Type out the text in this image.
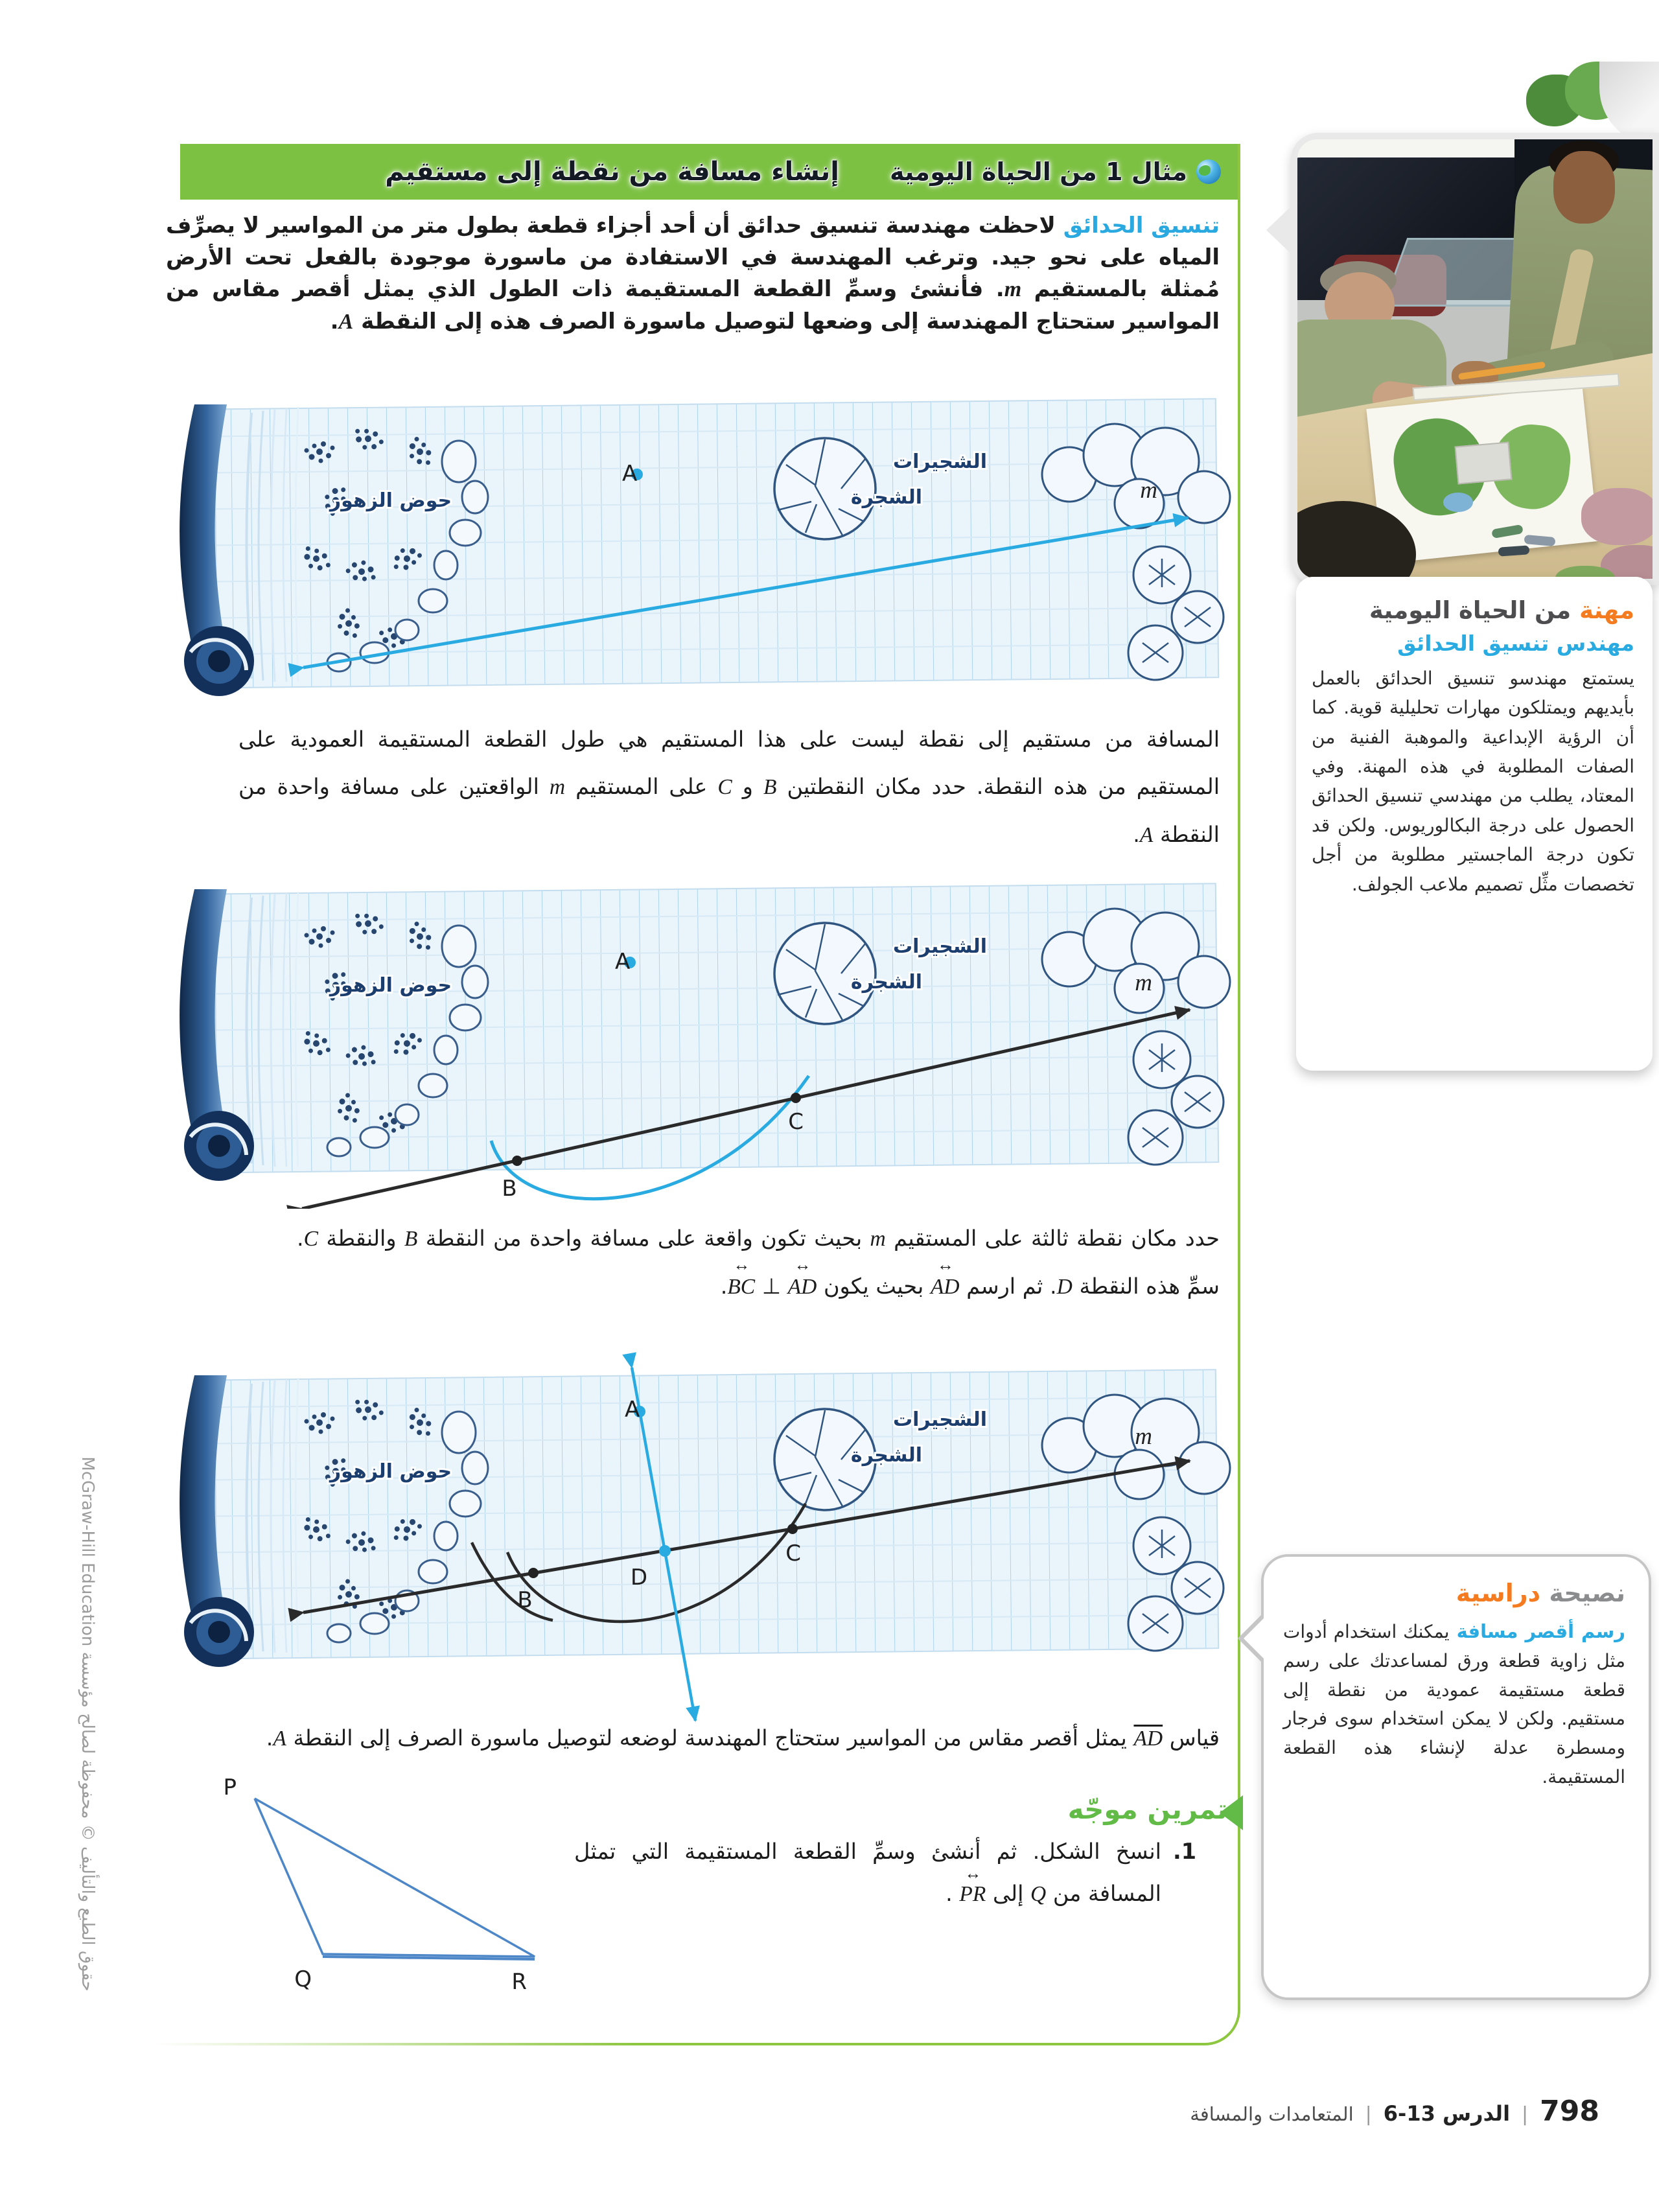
حقوق الطبع والتأليف © محفوظة لصالح مؤسسة McGraw-Hill Education
مثال 1 من الحياة اليومية
إنشاء مسافة من نقطة إلى مستقيم
تنسيق الحدائق لاحظت مهندسة تنسيق حدائق أن أحد أجزاء قطعة بطول متر من المواسير لا يصرِّف المياه على نحو جيد. وترغب المهندسة في الاستفادة من ماسورة موجودة بالفعل تحت الأرض مُمثلة بالمستقيم m. فأنشئ وسمِّ القطعة المستقيمة ذات الطول الذي يمثل أقصر مقاس من المواسير ستحتاج المهندسة إلى وضعها لتوصيل ماسورة الصرف هذه إلى النقطة A.
حوض الزهور	الشجرة
الشجيرات
m
A
المسافة من مستقيم إلى نقطة ليست على هذا المستقيم هي طول القطعة المستقيمة العمودية على المستقيم من هذه النقطة. حدد مكان النقطتين B و C على المستقيم m الواقعتين على مسافة واحدة من النقطة A.
حوض الزهور	الشجرة
الشجيرات
m
A
B
C
حدد مكان نقطة ثالثة على المستقيم m بحيث تكون واقعة على مسافة واحدة من النقطة B والنقطة C. سمِّ هذه النقطة D. ثم ارسم AD
↔
بحيث يكون AD
↔
⊥ BC
↔
.
حوض الزهور
الشجرة
الشجيرات
m
A
D
B
C
قياس AD يمثل أقصر مقاس من المواسير ستحتاج المهندسة لوضعه لتوصيل ماسورة الصرف إلى النقطة A.
تمرين موجّه
1.
انسخ الشكل. ثم أنشئ وسمِّ القطعة المستقيمة التي تمثل المسافة من Q إلى PR
↔
.
P
Q	R
مهنة من الحياة اليومية
مهندس تنسيق الحدائق
يستمتع مهندسو تنسيق الحدائق بالعمل بأيديهم ويمتلكون مهارات تحليلية قوية. كما أن الرؤية الإبداعية والموهبة الفنية من الصفات المطلوبة في هذه المهنة. وفي المعتاد، يطلب من مهندسي تنسيق الحدائق الحصول على درجة البكالوريوس. ولكن قد تكون درجة الماجستير مطلوبة من أجل تخصصات مثِّل تصميم ملاعب الجولف.
نصيحة دراسية
رسم أقصر مسافة يمكنك استخدام أدوات مثل زاوية قطعة ورق لمساعدتك على رسم قطعة مستقيمة عمودية من نقطة إلى مستقيم. ولكن لا يمكن استخدام سوى فرجار ومسطرة عدلة لإنشاء هذه القطعة المستقيمة.
798
|
الدرس 13-6
|
المتعامدات والمسافة
